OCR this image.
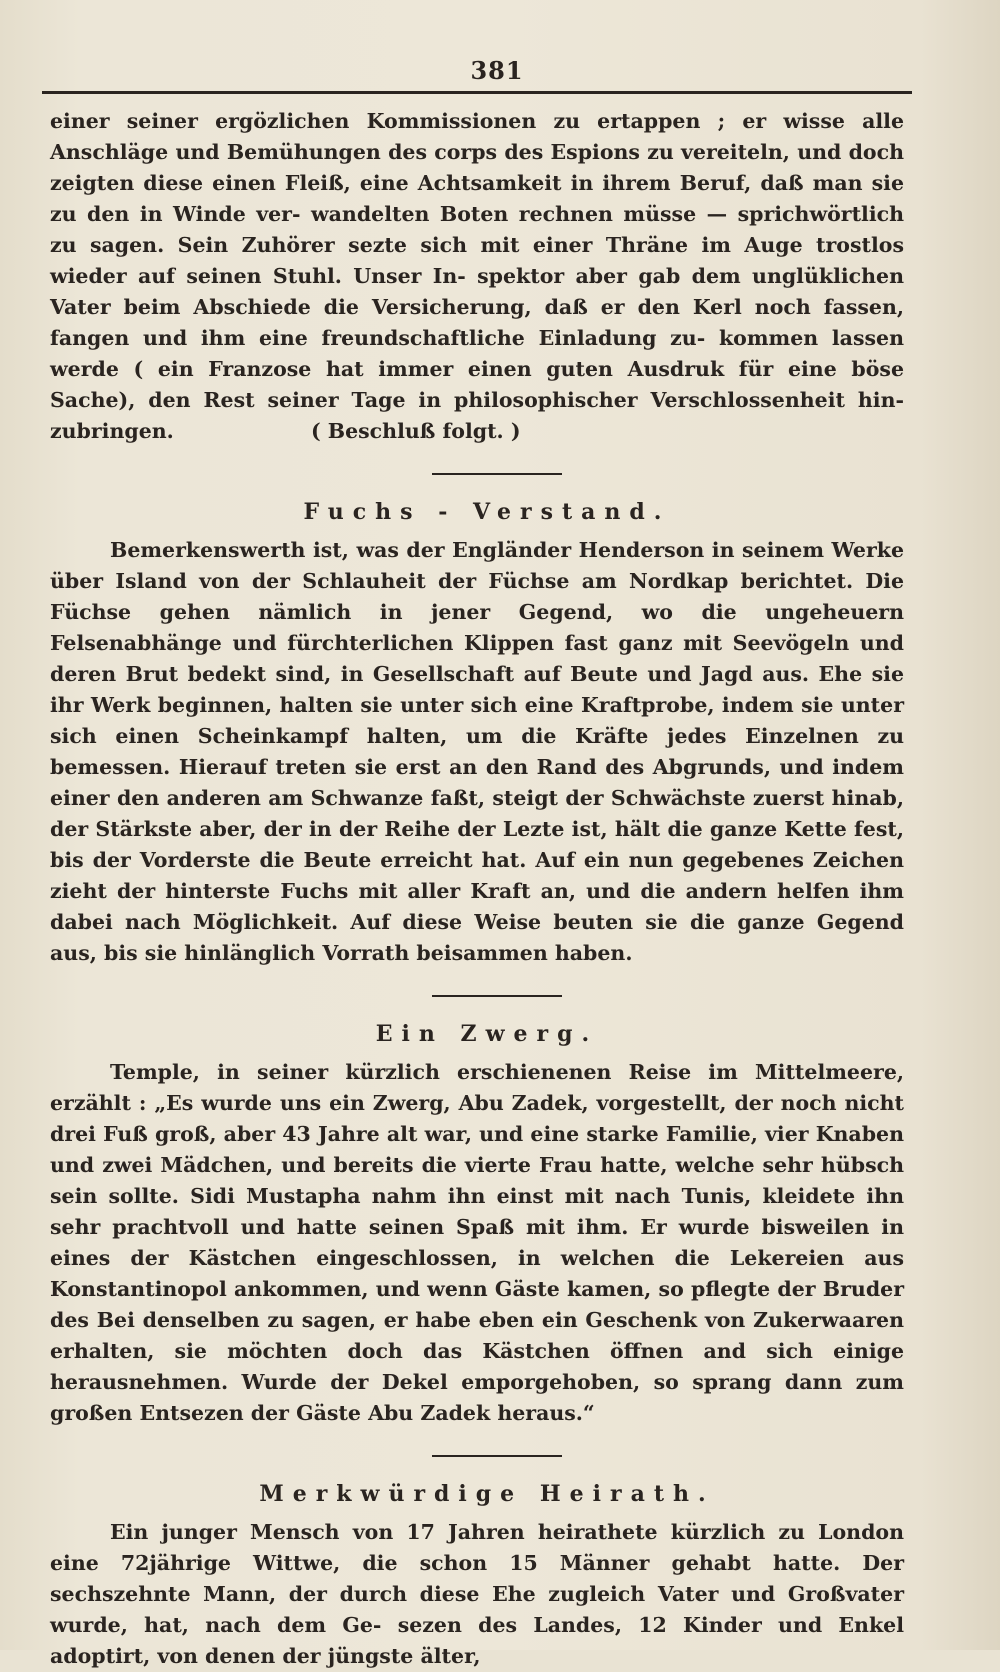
381

einer seiner ergözlichen Kommissionen zu ertappen ; er wisse alle Anschläge und Bemühungen des corps des Espions zu vereiteln, und doch zeigten diese einen Fleiß, eine Achtsamkeit in ihrem Beruf, daß man sie zu den in Winde ver- wandelten Boten rechnen müsse — sprichwörtlich zu sagen. Sein Zuhörer sezte sich mit einer Thräne im Auge trostlos wieder auf seinen Stuhl. Unser In- spektor aber gab dem unglüklichen Vater beim Abschiede die Versicherung, daß er den Kerl noch fassen, fangen und ihm eine freundschaftliche Einladung zu- kommen lassen werde ( ein Franzose hat immer einen guten Ausdruk für eine böse Sache), den Rest seiner Tage in philosophischer Verschlossenheit hin- zubringen.	( Beschluß folgt. )

Fuchs - Verstand.

Bemerkenswerth ist, was der Engländer Henderson in seinem Werke über Island von der Schlauheit der Füchse am Nordkap berichtet. Die Füchse gehen nämlich in jener Gegend, wo die ungeheuern Felsenabhänge und fürchterlichen Klippen fast ganz mit Seevögeln und deren Brut bedekt sind, in Gesellschaft auf Beute und Jagd aus. Ehe sie ihr Werk beginnen, halten sie unter sich eine Kraftprobe, indem sie unter sich einen Scheinkampf halten, um die Kräfte jedes Einzelnen zu bemessen. Hierauf treten sie erst an den Rand des Abgrunds, und indem einer den anderen am Schwanze faßt, steigt der Schwächste zuerst hinab, der Stärkste aber, der in der Reihe der Lezte ist, hält die ganze Kette fest, bis der Vorderste die Beute erreicht hat. Auf ein nun gegebenes Zeichen zieht der hinterste Fuchs mit aller Kraft an, und die andern helfen ihm dabei nach Möglichkeit. Auf diese Weise beuten sie die ganze Gegend aus, bis sie hinlänglich Vorrath beisammen haben.

Ein Zwerg.

Temple, in seiner kürzlich erschienenen Reise im Mittelmeere, erzählt : „Es wurde uns ein Zwerg, Abu Zadek, vorgestellt, der noch nicht drei Fuß groß, aber 43 Jahre alt war, und eine starke Familie, vier Knaben und zwei Mädchen, und bereits die vierte Frau hatte, welche sehr hübsch sein sollte. Sidi Mustapha nahm ihn einst mit nach Tunis, kleidete ihn sehr prachtvoll und hatte seinen Spaß mit ihm. Er wurde bisweilen in eines der Kästchen eingeschlossen, in welchen die Lekereien aus Konstantinopol ankommen, und wenn Gäste kamen, so pflegte der Bruder des Bei denselben zu sagen, er habe eben ein Geschenk von Zukerwaaren erhalten, sie möchten doch das Kästchen öffnen and sich einige herausnehmen. Wurde der Dekel emporgehoben, so sprang dann zum großen Entsezen der Gäste Abu Zadek heraus.“

Merkwürdige Heirath.

Ein junger Mensch von 17 Jahren heirathete kürzlich zu London eine 72jährige Wittwe, die schon 15 Männer gehabt hatte. Der sechszehnte Mann, der durch diese Ehe zugleich Vater und Großvater wurde, hat, nach dem Ge- sezen des Landes, 12 Kinder und Enkel adoptirt, von denen der jüngste älter,
